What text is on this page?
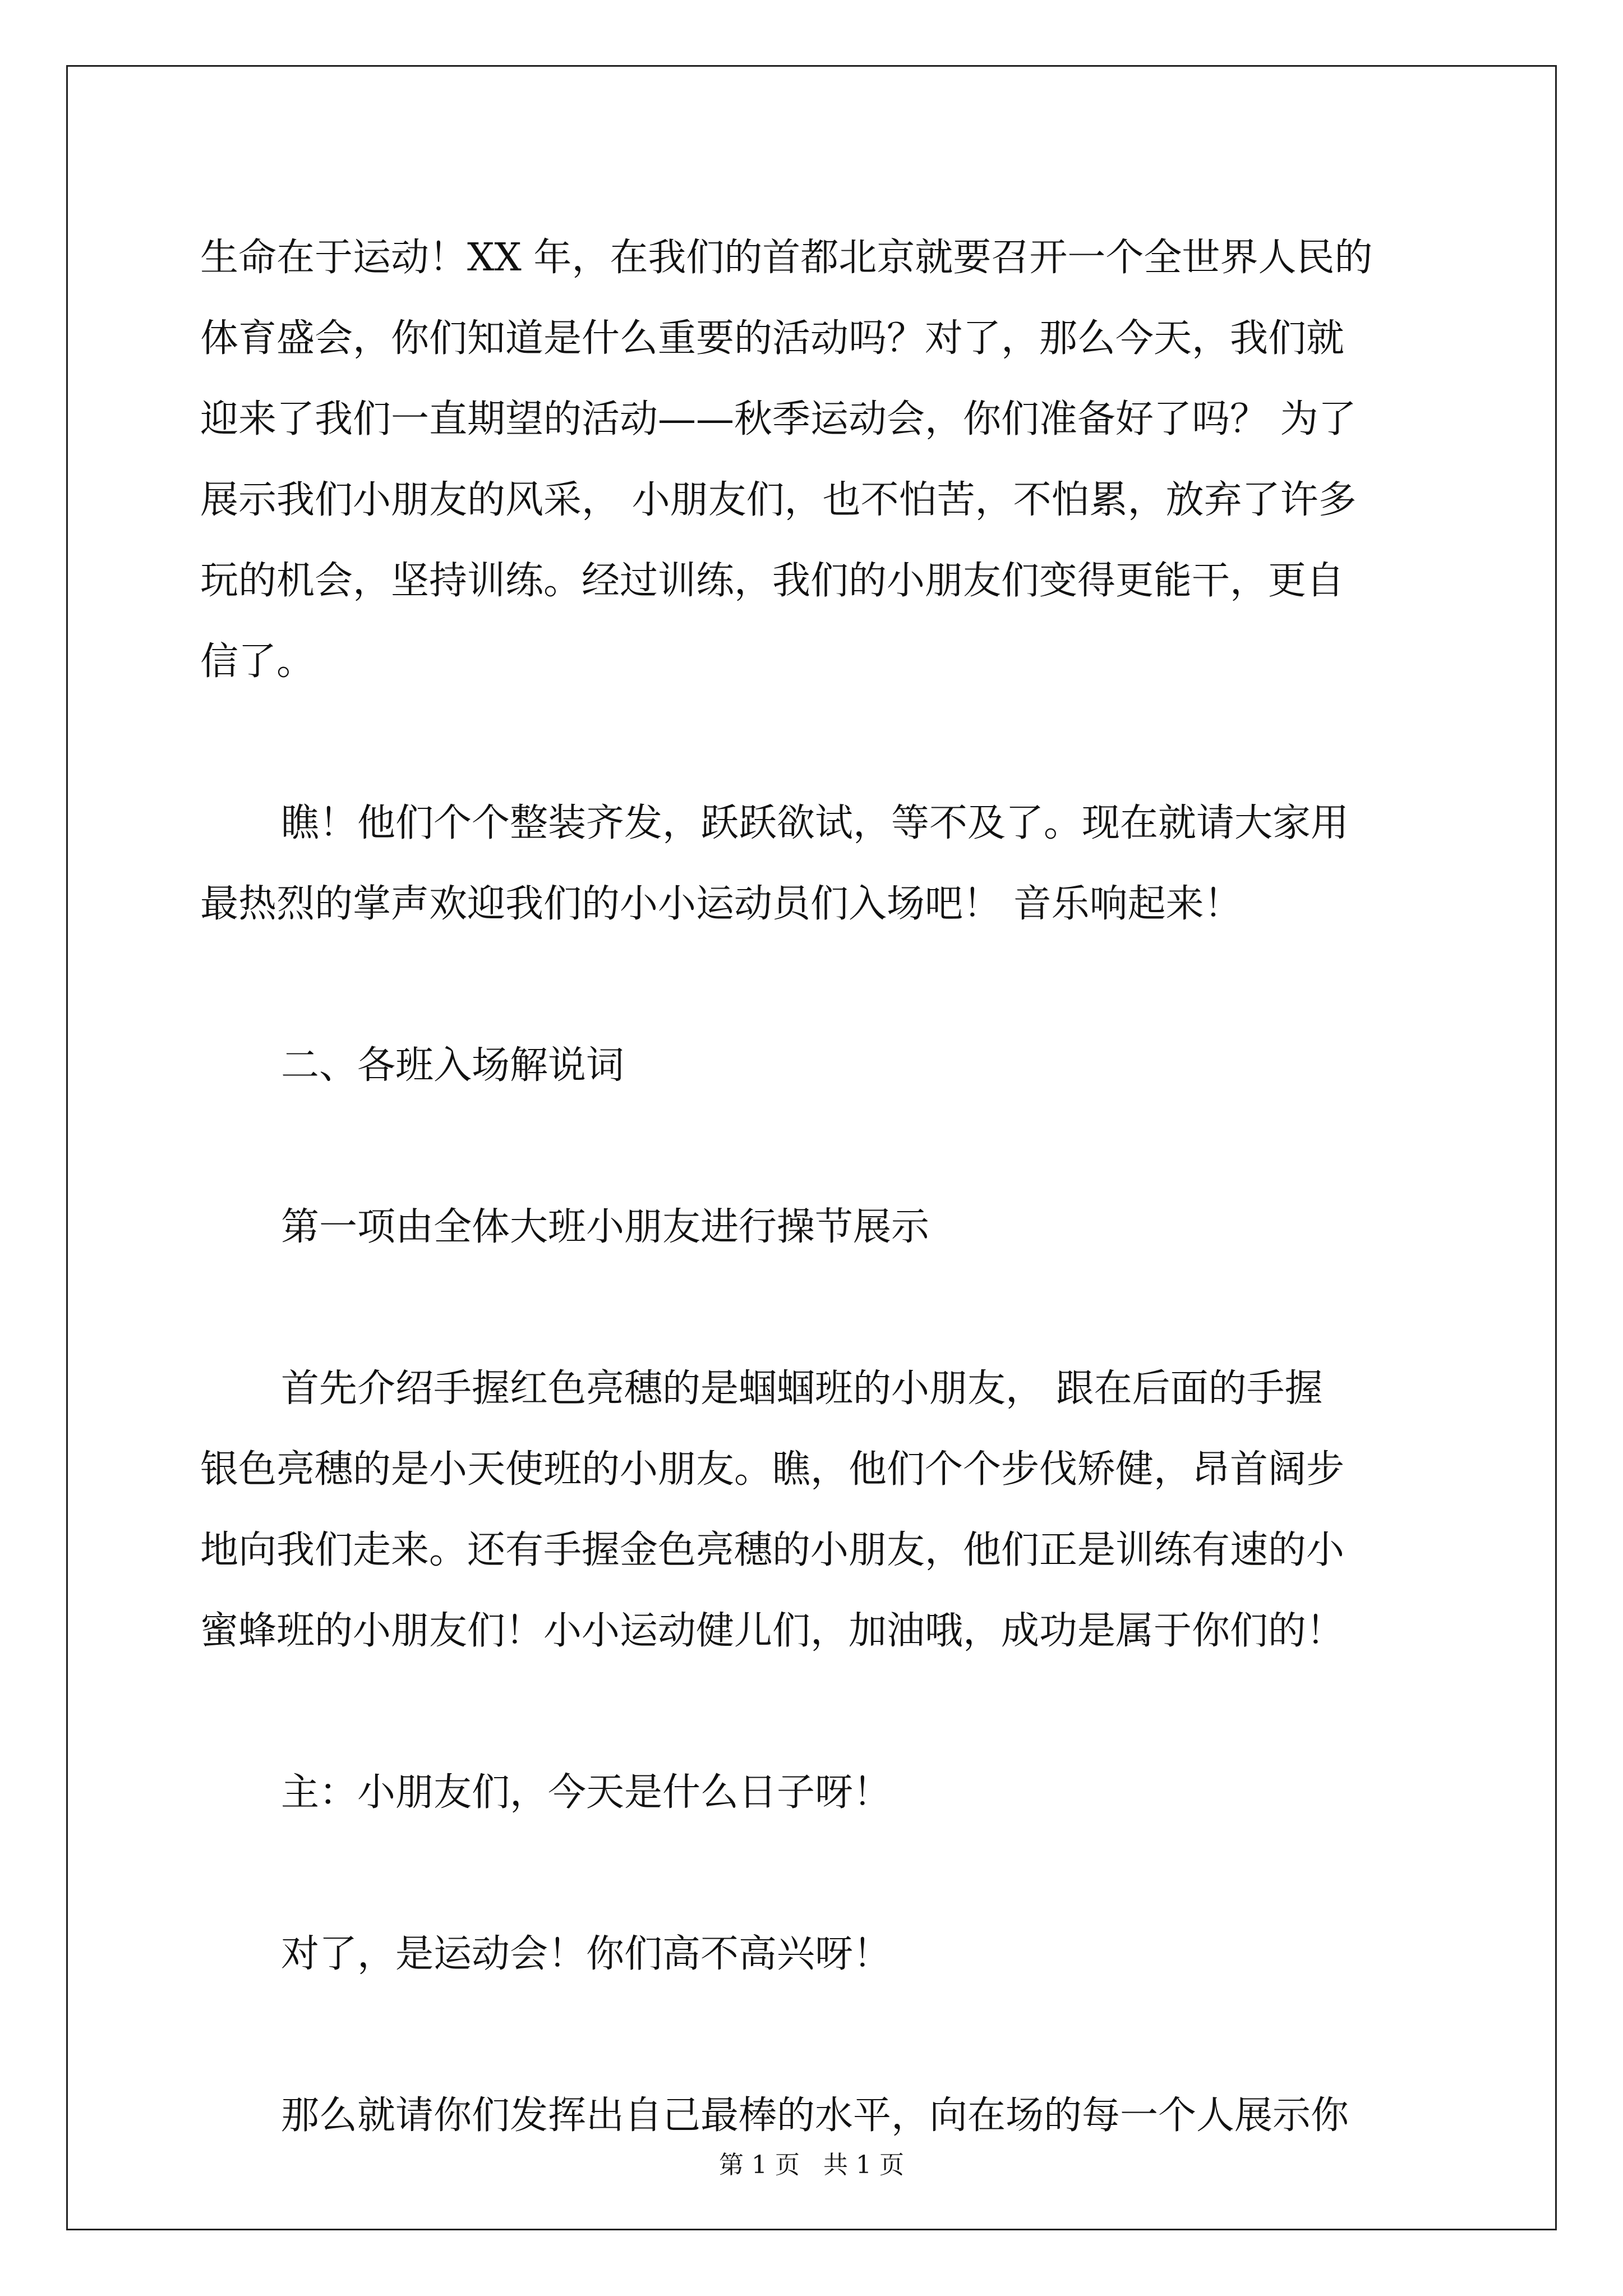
生命在于运动！XX 年，在我们的首都北京就要召开一个全世界人民的
体育盛会，你们知道是什么重要的活动吗？对了，那么今天，我们就
迎来了我们一直期望的活动——秋季运动会，你们准备好了吗？ 为了
展示我们小朋友的风采， 小朋友们，也不怕苦，不怕累，放弃了许多
玩的机会，坚持训练。经过训练，我们的小朋友们变得更能干，更自
信了。
瞧！他们个个整装齐发，跃跃欲试，等不及了。现在就请大家用
最热烈的掌声欢迎我们的小小运动员们入场吧！ 音乐响起来！
二、各班入场解说词
第一项由全体大班小朋友进行操节展示
首先介绍手握红色亮穗的是蝈蝈班的小朋友， 跟在后面的手握
银色亮穗的是小天使班的小朋友。瞧，他们个个步伐矫健，昂首阔步
地向我们走来。还有手握金色亮穗的小朋友，他们正是训练有速的小
蜜蜂班的小朋友们！小小运动健儿们，加油哦，成功是属于你们的！
主：小朋友们，今天是什么日子呀！
对了，是运动会！你们高不高兴呀！
那么就请你们发挥出自己最棒的水平，向在场的每一个人展示你
第 1 页   共 1 页
